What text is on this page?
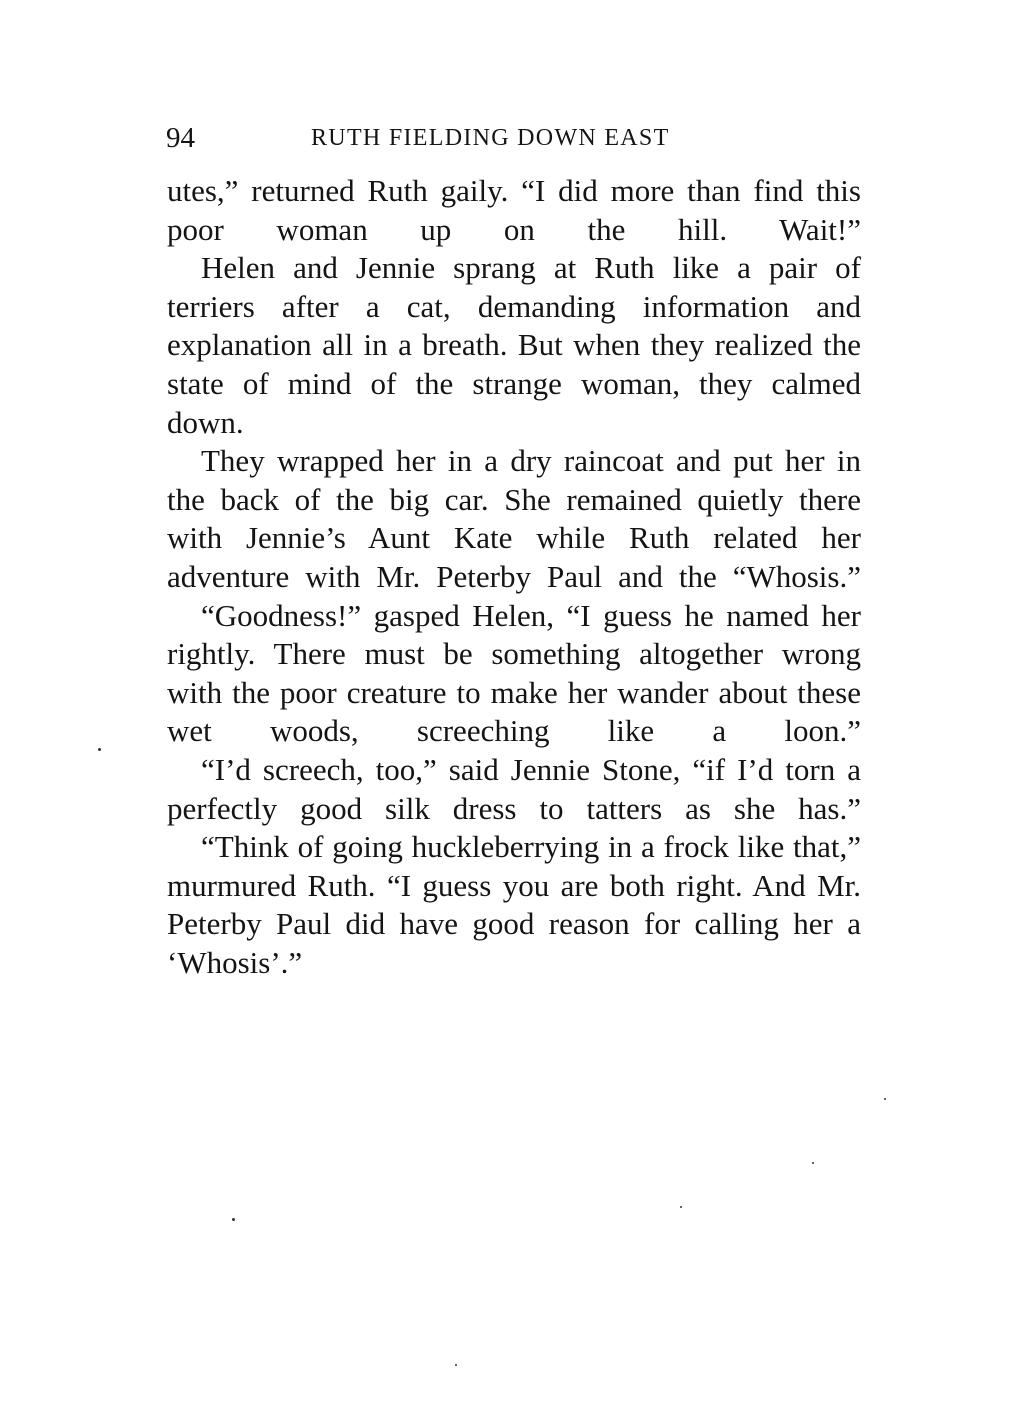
94	RUTH FIELDING DOWN EAST

utes,” returned Ruth gaily. “I did more than find this poor woman up on the hill. Wait!”

Helen and Jennie sprang at Ruth like a pair of terriers after a cat, demanding information and explanation all in a breath. But when they realized the state of mind of the strange woman, they calmed down.

They wrapped her in a dry raincoat and put her in the back of the big car. She remained quietly there with Jennie’s Aunt Kate while Ruth related her adventure with Mr. Peterby Paul and the “Whosis.”

“Goodness!” gasped Helen, “I guess he named her rightly. There must be something altogether wrong with the poor creature to make her wander about these wet woods, screeching like a loon.”

“I’d screech, too,” said Jennie Stone, “if I’d torn a perfectly good silk dress to tatters as she has.”

“Think of going huckleberrying in a frock like that,” murmured Ruth. “I guess you are both right. And Mr. Peterby Paul did have good reason for calling her a ‘Whosis’.”
